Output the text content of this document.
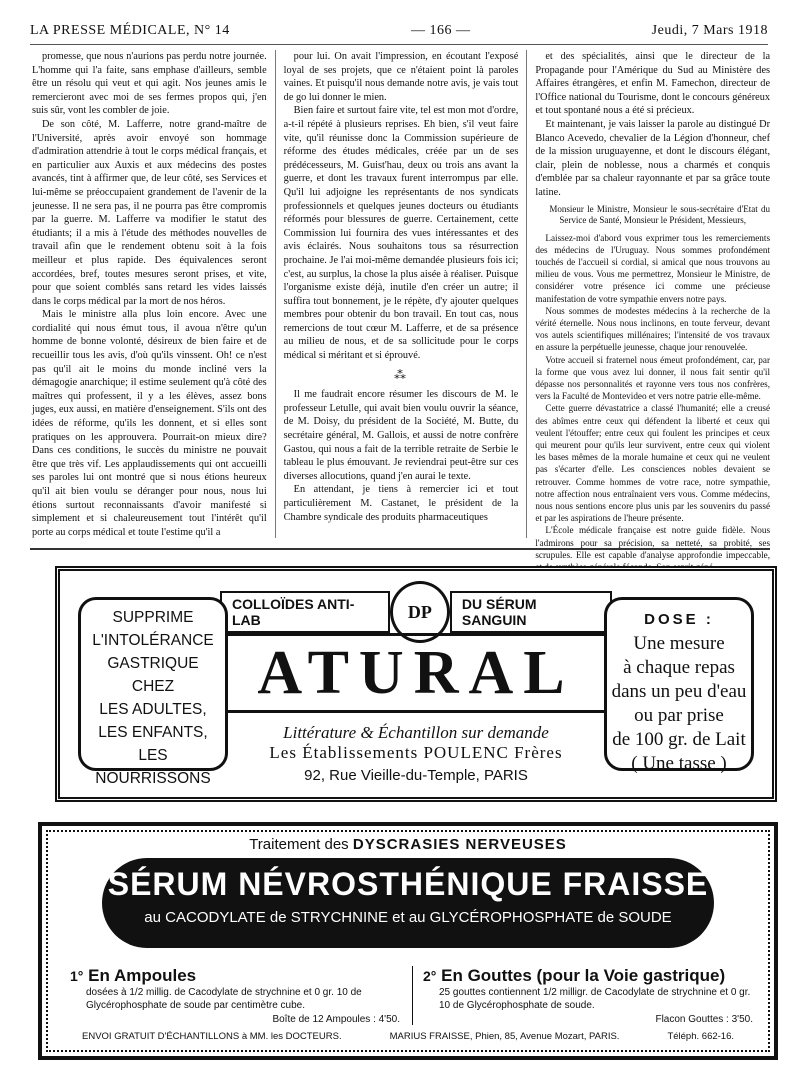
LA PRESSE MÉDICALE, N° 14	— 166 —	Jeudi, 7 Mars 1918

promesse, que nous n'aurions pas perdu notre journée. L'homme qui l'a faite, sans emphase d'ailleurs, semble être un résolu qui veut et qui agit. Nos jeunes amis le remercieront avec moi de ses fermes propos qui, j'en suis sûr, vont les combler de joie.

De son côté, M. Lafferre, notre grand-maître de l'Université, après avoir envoyé son hommage d'admiration attendrie à tout le corps médical français, et en particulier aux Auxis et aux médecins des postes avancés, tint à affirmer que, de leur côté, ses Services et lui-même se préoccupaient grandement de l'avenir de la jeunesse. Il ne sera pas, il ne pourra pas être compromis par la guerre. M. Lafferre va modifier le statut des étudiants; il a mis à l'étude des méthodes nouvelles de travail afin que le rendement obtenu soit à la fois meilleur et plus rapide. Des équivalences seront accordées, bref, toutes mesures seront prises, et vite, pour que soient comblés sans retard les vides laissés dans le corps médical par la mort de nos héros.

Mais le ministre alla plus loin encore. Avec une cordialité qui nous émut tous, il avoua n'être qu'un homme de bonne volonté, désireux de bien faire et de recueillir tous les avis, d'où qu'ils vinssent. Oh! ce n'est pas qu'il ait le moins du monde incliné vers la démagogie anarchique; il estime seulement qu'à côté des maîtres qui professent, il y a les élèves, assez bons juges, eux aussi, en matière d'enseignement. S'ils ont des idées de réforme, qu'ils les donnent, et si elles sont pratiques on les approuvera. Pourrait-on mieux dire? Dans ces conditions, le succès du ministre ne pouvait être que très vif. Les applaudissements qui ont accueilli ses paroles lui ont montré que si nous étions heureux qu'il ait bien voulu se déranger pour nous, nous lui étions surtout reconnaissants d'avoir manifesté si simplement et si chaleureusement tout l'intérêt qu'il porte au corps médical et toute l'estime qu'il a

pour lui. On avait l'impression, en écoutant l'exposé loyal de ses projets, que ce n'étaient point là paroles vaines. Et puisqu'il nous demande notre avis, je vais tout de go lui donner le mien.

Bien faire et surtout faire vite, tel est mon mot d'ordre, a-t-il répété à plusieurs reprises. Eh bien, s'il veut faire vite, qu'il réunisse donc la Commission supérieure de réforme des études médicales, créée par un de ses prédécesseurs, M. Guist'hau, deux ou trois ans avant la guerre, et dont les travaux furent interrompus par elle. Qu'il lui adjoigne les représentants de nos syndicats professionnels et quelques jeunes docteurs ou étudiants réformés pour blessures de guerre. Certainement, cette Commission lui fournira des vues intéressantes et des avis éclairés. Nous souhaitons tous sa résurrection prochaine. Je l'ai moi-même demandée plusieurs fois ici; c'est, au surplus, la chose la plus aisée à réaliser. Puisque l'organisme existe déjà, inutile d'en créer un autre; il suffira tout bonnement, je le répète, d'y ajouter quelques membres pour obtenir du bon travail. En tout cas, nous remercions de tout cœur M. Lafferre, et de sa présence au milieu de nous, et de sa sollicitude pour le corps médical si méritant et si éprouvé.

⁂

Il me faudrait encore résumer les discours de M. le professeur Letulle, qui avait bien voulu ouvrir la séance, de M. Doisy, du président de la Société, M. Butte, du secrétaire général, M. Gallois, et aussi de notre confrère Gastou, qui nous a fait de la terrible retraite de Serbie le tableau le plus émouvant. Je reviendrai peut-être sur ces diverses allocutions, quand j'en aurai le texte.

En attendant, je tiens à remercier ici et tout particulièrement M. Castanet, le président de la Chambre syndicale des produits pharmaceutiques

et des spécialités, ainsi que le directeur de la Propagande pour l'Amérique du Sud au Ministère des Affaires étrangères, et enfin M. Famechon, directeur de l'Office national du Tourisme, dont le concours généreux et tout spontané nous a été si précieux.

Et maintenant, je vais laisser la parole au distingué Dr Blanco Acevedo, chevalier de la Légion d'honneur, chef de la mission uruguayenne, et dont le discours élégant, clair, plein de noblesse, nous a charmés et conquis d'emblée par sa chaleur rayonnante et par sa grâce toute latine.

Monsieur le Ministre, Monsieur le sous-secrétaire d'Etat du Service de Santé, Monsieur le Président, Messieurs,

Laissez-moi d'abord vous exprimer tous les remerciements des médecins de l'Uruguay. Nous sommes profondément touchés de l'accueil si cordial, si amical que nous trouvons au milieu de vous. Vous me permettrez, Monsieur le Ministre, de considérer votre présence ici comme une précieuse manifestation de votre sympathie envers notre pays.

Nous sommes de modestes médecins à la recherche de la vérité éternelle. Nous nous inclinons, en toute ferveur, devant vos autels scientifiques millénaires; l'intensité de vos travaux en assure la perpétuelle jeunesse, chaque jour renouvelée.

Votre accueil si fraternel nous émeut profondément, car, par la forme que vous avez lui donner, il nous fait sentir qu'il dépasse nos personnalités et rayonne vers tous nos confrères, vers la Faculté de Montevideo et vers notre patrie elle-même.

Cette guerre dévastatrice a classé l'humanité; elle a creusé des abîmes entre ceux qui défendent la liberté et ceux qui veulent l'étouffer; entre ceux qui foulent les principes et ceux qui meurent pour qu'ils leur survivent, entre ceux qui violent les bases mêmes de la morale humaine et ceux qui ne veulent pas s'écarter d'elle. Les consciences nobles devaient se retrouver. Comme hommes de votre race, notre sympathie, notre affection nous entraînaient vers vous. Comme médecins, nous nous sentions encore plus unis par les souvenirs du passé et par les aspirations de l'heure présente.

L'École médicale française est notre guide fidèle. Nous l'admirons pour sa précision, sa netteté, sa probité, ses scrupules. Elle est capable d'analyse approfondie impeccable,

COLLOÏDES ANTI-LAB	DP	DU SÉRUM SANGUIN
SUPPRIME
L'INTOLÉRANCE
GASTRIQUE
CHEZ
LES ADULTES,
LES ENFANTS,
LES NOURRISSONS
ATURAL
Littérature & Échantillon sur demande
Les Établissements POULENC Frères
92, Rue Vieille-du-Temple, PARIS
DOSE :
Une mesure
à chaque repas
dans un peu d'eau
ou par prise
de 100 gr. de Lait
( Une tasse )
Traitement des DYSCRASIES NERVEUSES
SÉRUM NÉVROSTHÉNIQUE FRAISSE
au CACODYLATE de STRYCHNINE et au GLYCÉROPHOSPHATE de SOUDE
1° En Ampoules
dosées à 1/2 millig. de Cacodylate de strychnine et 0 gr. 10 de Glycérophosphate de soude par centimètre cube.
Boîte de 12 Ampoules : 4'50.
2° En Gouttes (pour la Voie gastrique)
25 gouttes contiennent 1/2 milligr. de Cacodylate de strychnine et 0 gr. 10 de Glycérophosphate de soude.
Flacon Gouttes : 3'50.
ENVOI GRATUIT D'ÉCHANTILLONS à MM. les DOCTEURS.	MARIUS FRAISSE, Phien, 85, Avenue Mozart, PARIS.	Téléph. 662-16.
